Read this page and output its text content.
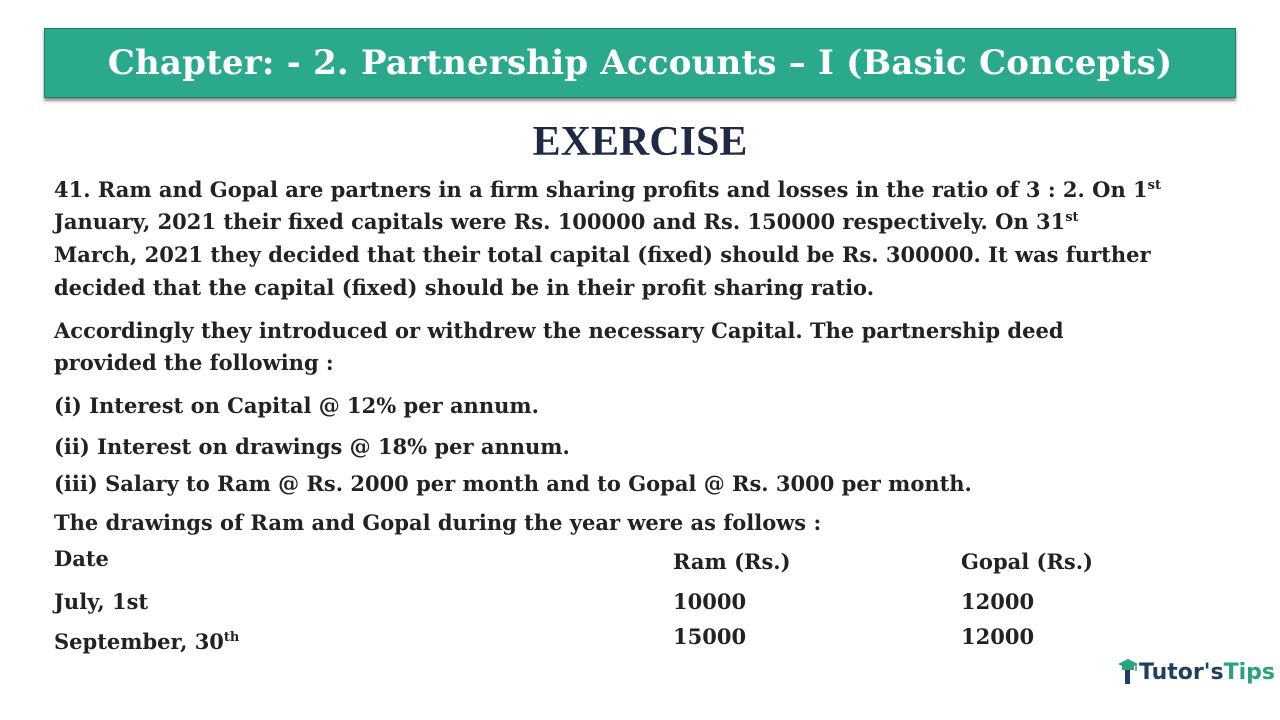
Chapter: - 2. Partnership Accounts – I (Basic Concepts)
EXERCISE
41. Ram and Gopal are partners in a firm sharing profits and losses in the ratio of 3 : 2. On 1st
January, 2021 their fixed capitals were Rs. 100000 and Rs. 150000 respectively. On 31st
March, 2021 they decided that their total capital (fixed) should be Rs. 300000. It was further
decided that the capital (fixed) should be in their profit sharing ratio.
Accordingly they introduced or withdrew the necessary Capital. The partnership deed
provided the following :
(i) Interest on Capital @ 12% per annum.
(ii) Interest on drawings @ 18% per annum.
(iii) Salary to Ram @ Rs. 2000 per month and to Gopal @ Rs. 3000 per month.
The drawings of Ram and Gopal during the year were as follows :
Date	Ram (Rs.)	Gopal (Rs.)
July, 1st	10000	12000
September, 30th	15000	12000
Tutor's Tips
